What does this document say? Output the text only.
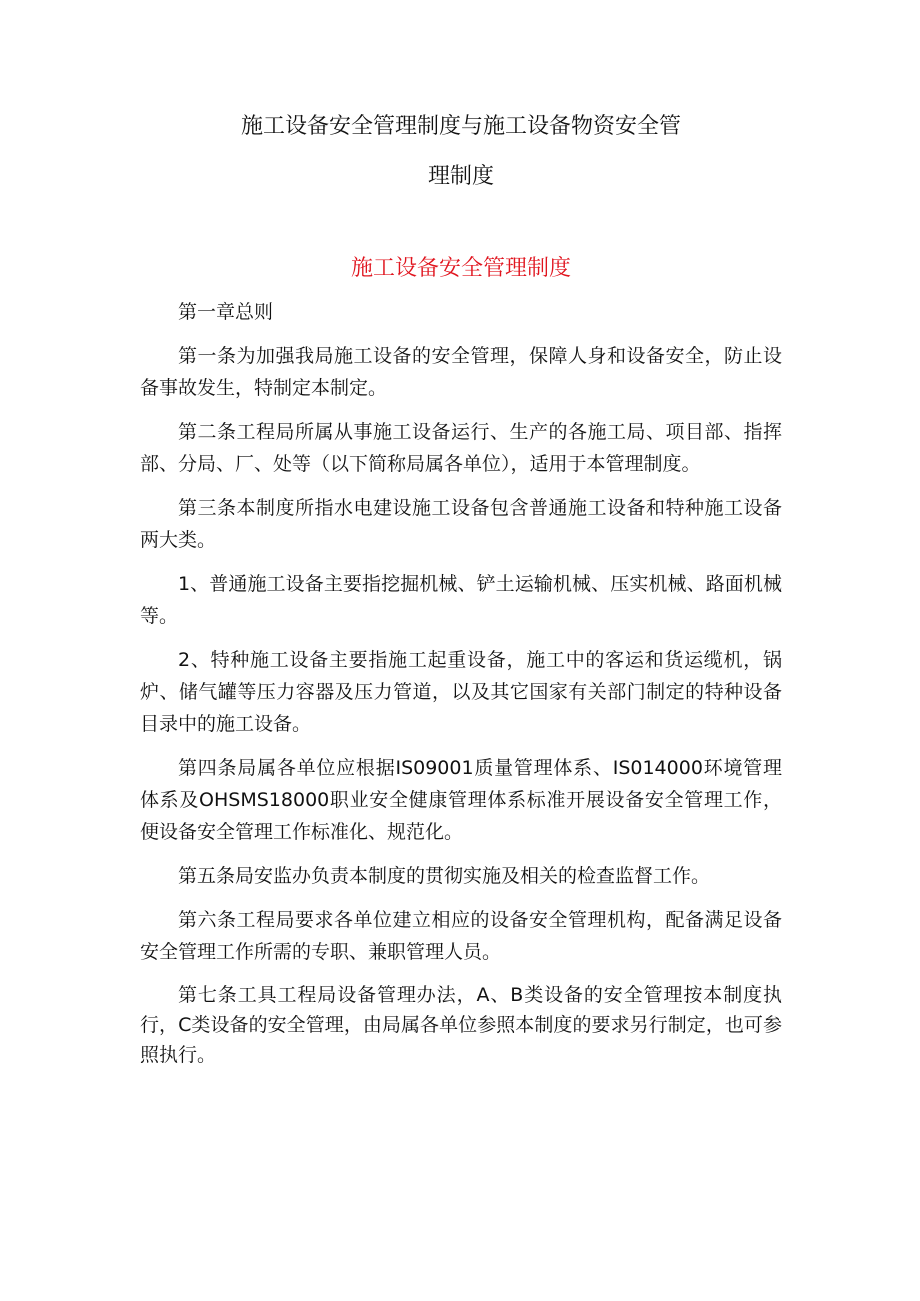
施工设备安全管理制度与施工设备物资安全管
理制度
施工设备安全管理制度

第一章总则

第一条为加强我局施工设备的安全管理，保障人身和设备安全，防止设备事故发生，特制定本制定。

第二条工程局所属从事施工设备运行、生产的各施工局、项目部、指挥部、分局、厂、处等（以下简称局属各单位），适用于本管理制度。

第三条本制度所指水电建设施工设备包含普通施工设备和特种施工设备两大类。

1、普通施工设备主要指挖掘机械、铲土运输机械、压实机械、路面机械等。

2、特种施工设备主要指施工起重设备，施工中的客运和货运缆机，锅炉、储气罐等压力容器及压力管道，以及其它国家有关部门制定的特种设备目录中的施工设备。

第四条局属各单位应根据IS09001质量管理体系、IS014000环境管理体系及OHSMS18000职业安全健康管理体系标准开展设备安全管理工作，便设备安全管理工作标准化、规范化。

第五条局安监办负责本制度的贯彻实施及相关的检查监督工作。

第六条工程局要求各单位建立相应的设备安全管理机构，配备满足设备安全管理工作所需的专职、兼职管理人员。

第七条工具工程局设备管理办法，A、B类设备的安全管理按本制度执行，C类设备的安全管理，由局属各单位参照本制度的要求另行制定，也可参照执行。
